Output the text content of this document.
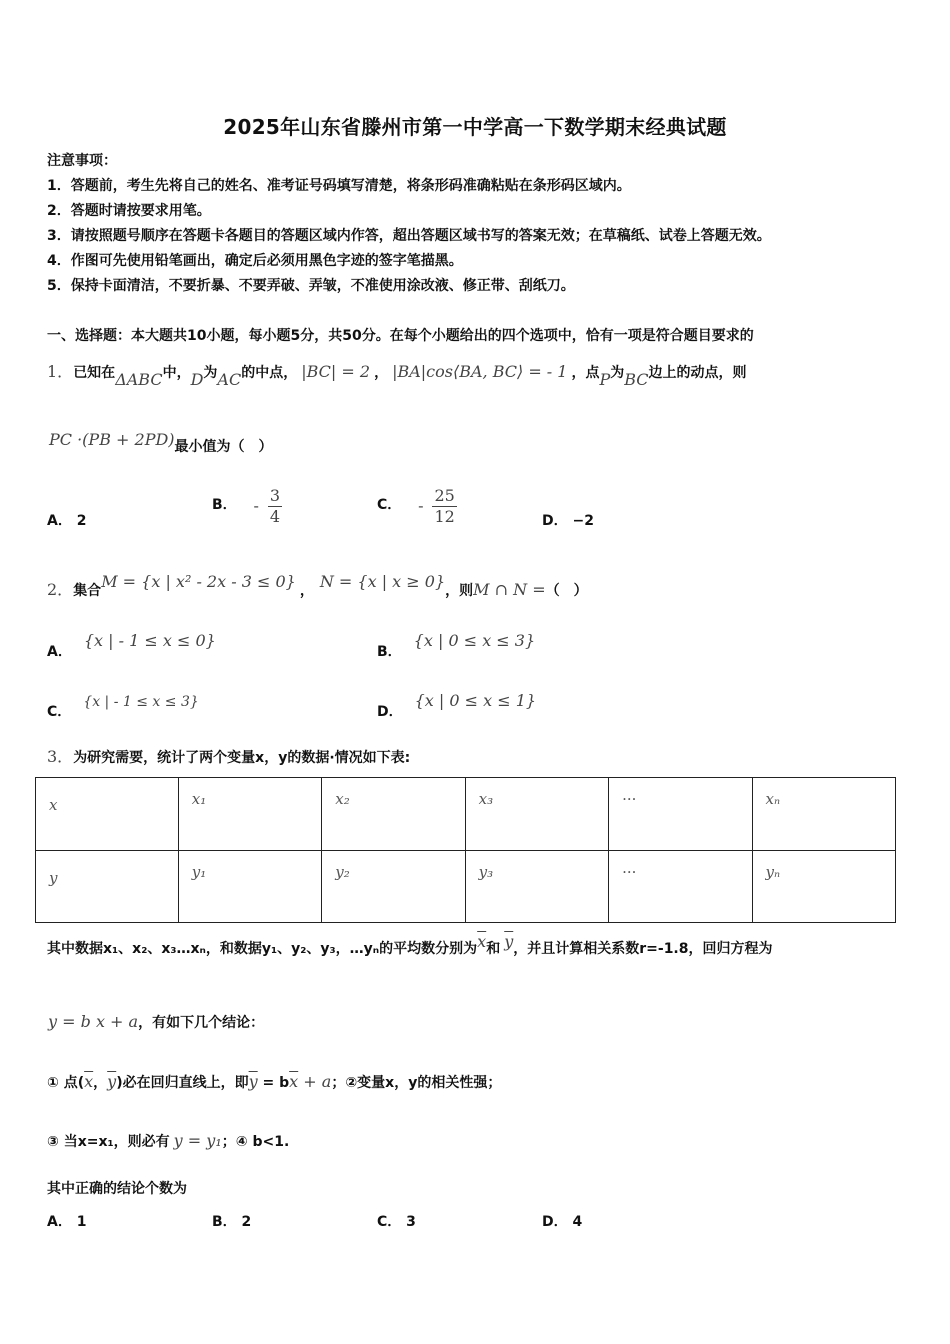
2025年山东省滕州市第一中学高一下数学期末经典试题
注意事项：
1．答题前，考生先将自己的姓名、准考证号码填写清楚，将条形码准确粘贴在条形码区域内。
2．答题时请按要求用笔。
3．请按照题号顺序在答题卡各题目的答题区域内作答，超出答题区域书写的答案无效；在草稿纸、试卷上答题无效。
4．作图可先使用铅笔画出，确定后必须用黑色字迹的签字笔描黑。
5．保持卡面清洁，不要折暴、不要弄破、弄皱，不准使用涂改液、修正带、刮纸刀。
一、选择题：本大题共10小题，每小题5分，共50分。在每个小题给出的四个选项中，恰有一项是符合题目要求的
1．已知在ΔABC中，D为AC的中点， |BC| = 2 ， |BA|cos⟨BA, BC⟩ = - 1 ，点P为BC边上的动点，则
PC ·(PB + 2PD)最小值为（　）
A． 2
B． - $\frac{3}{4}$	C． - $\frac{25}{12}$	D． −2
2．集合M = {x | x² - 2x - 3 ≤ 0} ， N = {x | x ≥ 0}，则M ∩ N =（　）
A．{x | - 1 ≤ x ≤ 0}
B．{x | 0 ≤ x ≤ 3}
C．{x | - 1 ≤ x ≤ 3}
D．{x | 0 ≤ x ≤ 1}
3．为研究需要，统计了两个变量x，y的数据·情况如下表:
x	x₁	x₂	x₃	···	xₙ
y	y₁	y₂	y₃	···	yₙ
其中数据x₁、x₂、x₃…xₙ，和数据y₁、y₂、y₃，…yₙ的平均数分别为$\overline{x}$和 $\overline{y}$，并且计算相关系数r=-1.8，回归方程为
y = b x + a，有如下几个结论：
① 点($\overline{x}$，$\overline{y}$)必在回归直线上，即$\overline{y} = b\overline{x} + a$；②变量x，y的相关性强；
③ 当x=x₁，则必有 y = y₁；④ b<1.
其中正确的结论个数为
A． 1	B． 2	C． 3	D． 4
